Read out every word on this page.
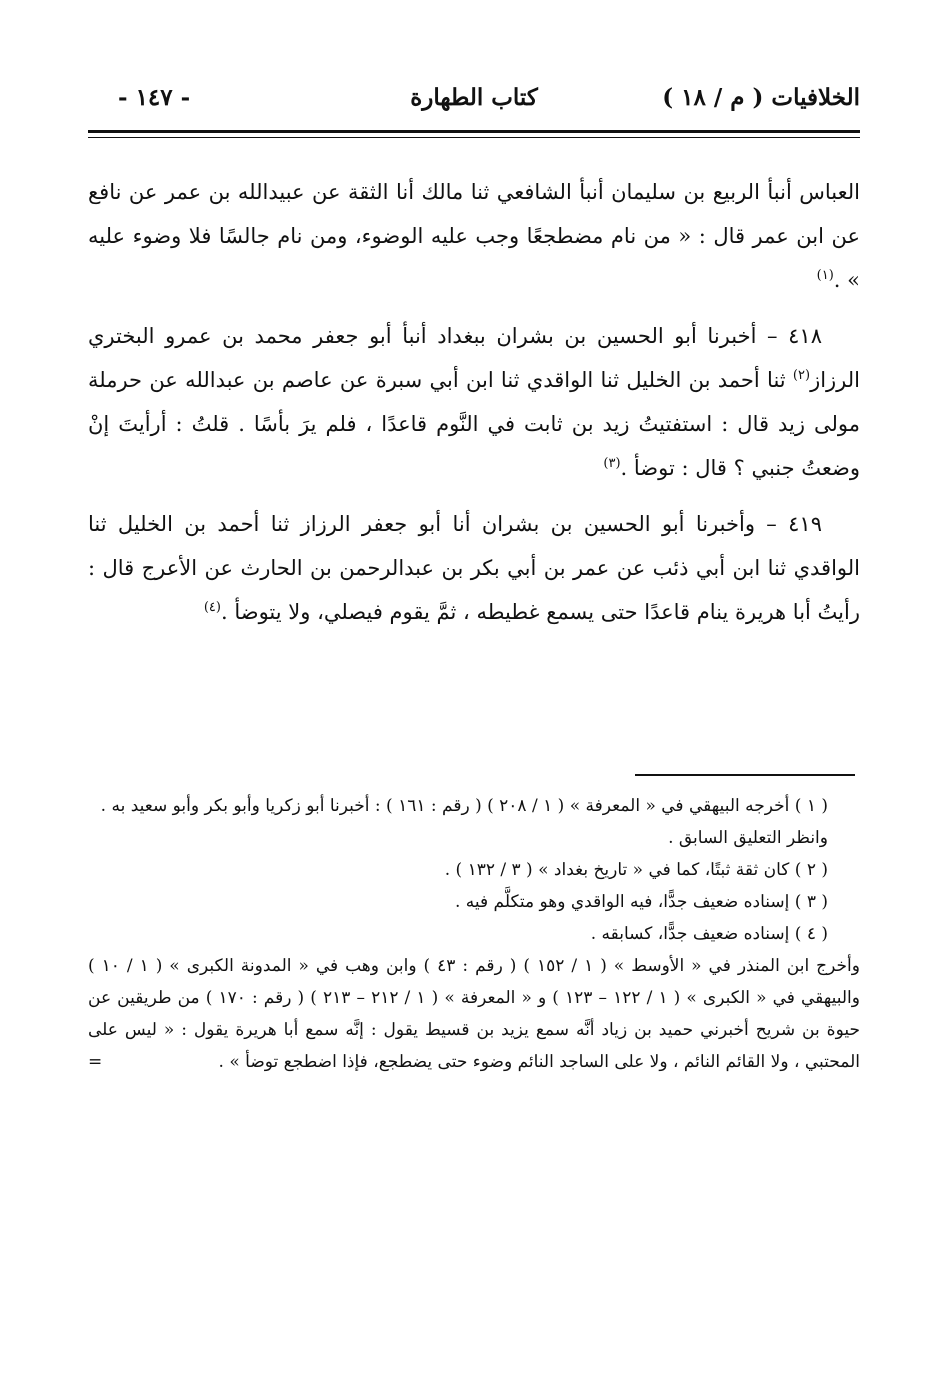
الخلافيات ( م / ١٨ )
كتاب الطهارة
- ١٤٧ -

العباس أنبأ الربيع بن سليمان أنبأ الشافعي ثنا مالك أنا الثقة عن عبيدالله بن عمر عن نافع عن ابن عمر قال : « من نام مضطجعًا وجب عليه الوضوء، ومن نام جالسًا فلا وضوء عليه » .$^{(١)}$

٤١٨ – أخبرنا أبو الحسين بن بشران ببغداد أنبأ أبو جعفر محمد بن عمرو البختري الرزاز$^{(٢)}$ ثنا أحمد بن الخليل ثنا الواقدي ثنا ابن أبي سبرة عن عاصم بن عبدالله عن حرملة مولى زيد قال : استفتيتُ زيد بن ثابت في النَّوم قاعدًا ، فلم يرَ بأسًا . قلتُ : أرأيتَ إنْ وضعتُ جنبي ؟ قال : توضأ .$^{(٣)}$

٤١٩ – وأخبرنا أبو الحسين بن بشران أنا أبو جعفر الرزاز ثنا أحمد بن الخليل ثنا الواقدي ثنا ابن أبي ذئب عن عمر بن أبي بكر بن عبدالرحمن بن الحارث عن الأعرج قال : رأيتُ أبا هريرة ينام قاعدًا حتى يسمع غطيطه ، ثمَّ يقوم فيصلي، ولا يتوضأ .$^{(٤)}$

( ١ ) أخرجه البيهقي في « المعرفة » ( ١ / ٢٠٨ ) ( رقم : ١٦١ ) : أخبرنا أبو زكريا وأبو بكر وأبو سعيد به .

وانظر التعليق السابق .

( ٢ ) كان ثقة ثبتًا، كما في « تاريخ بغداد » ( ٣ / ١٣٢ ) .

( ٣ ) إسناده ضعيف جدًّا، فيه الواقدي وهو متكلَّم فيه .

( ٤ ) إسناده ضعيف جدًّا، كسابقه .

وأخرج ابن المنذر في « الأوسط » ( ١ / ١٥٢ ) ( رقم : ٤٣ ) وابن وهب في « المدونة الكبرى » ( ١ / ١٠ ) والبيهقي في « الكبرى » ( ١ / ١٢٢ – ١٢٣ ) و « المعرفة » ( ١ / ٢١٢ – ٢١٣ ) ( رقم : ١٧٠ ) من طريقين عن حيوة بن شريح أخبرني حميد بن زياد أنَّه سمع يزيد بن قسيط يقول : إنَّه سمع أبا هريرة يقول : « ليس على المحتبي ، ولا القائم النائم ، ولا على الساجد النائم وضوء حتى يضطجع، فإذا اضطجع توضأ » .
=
